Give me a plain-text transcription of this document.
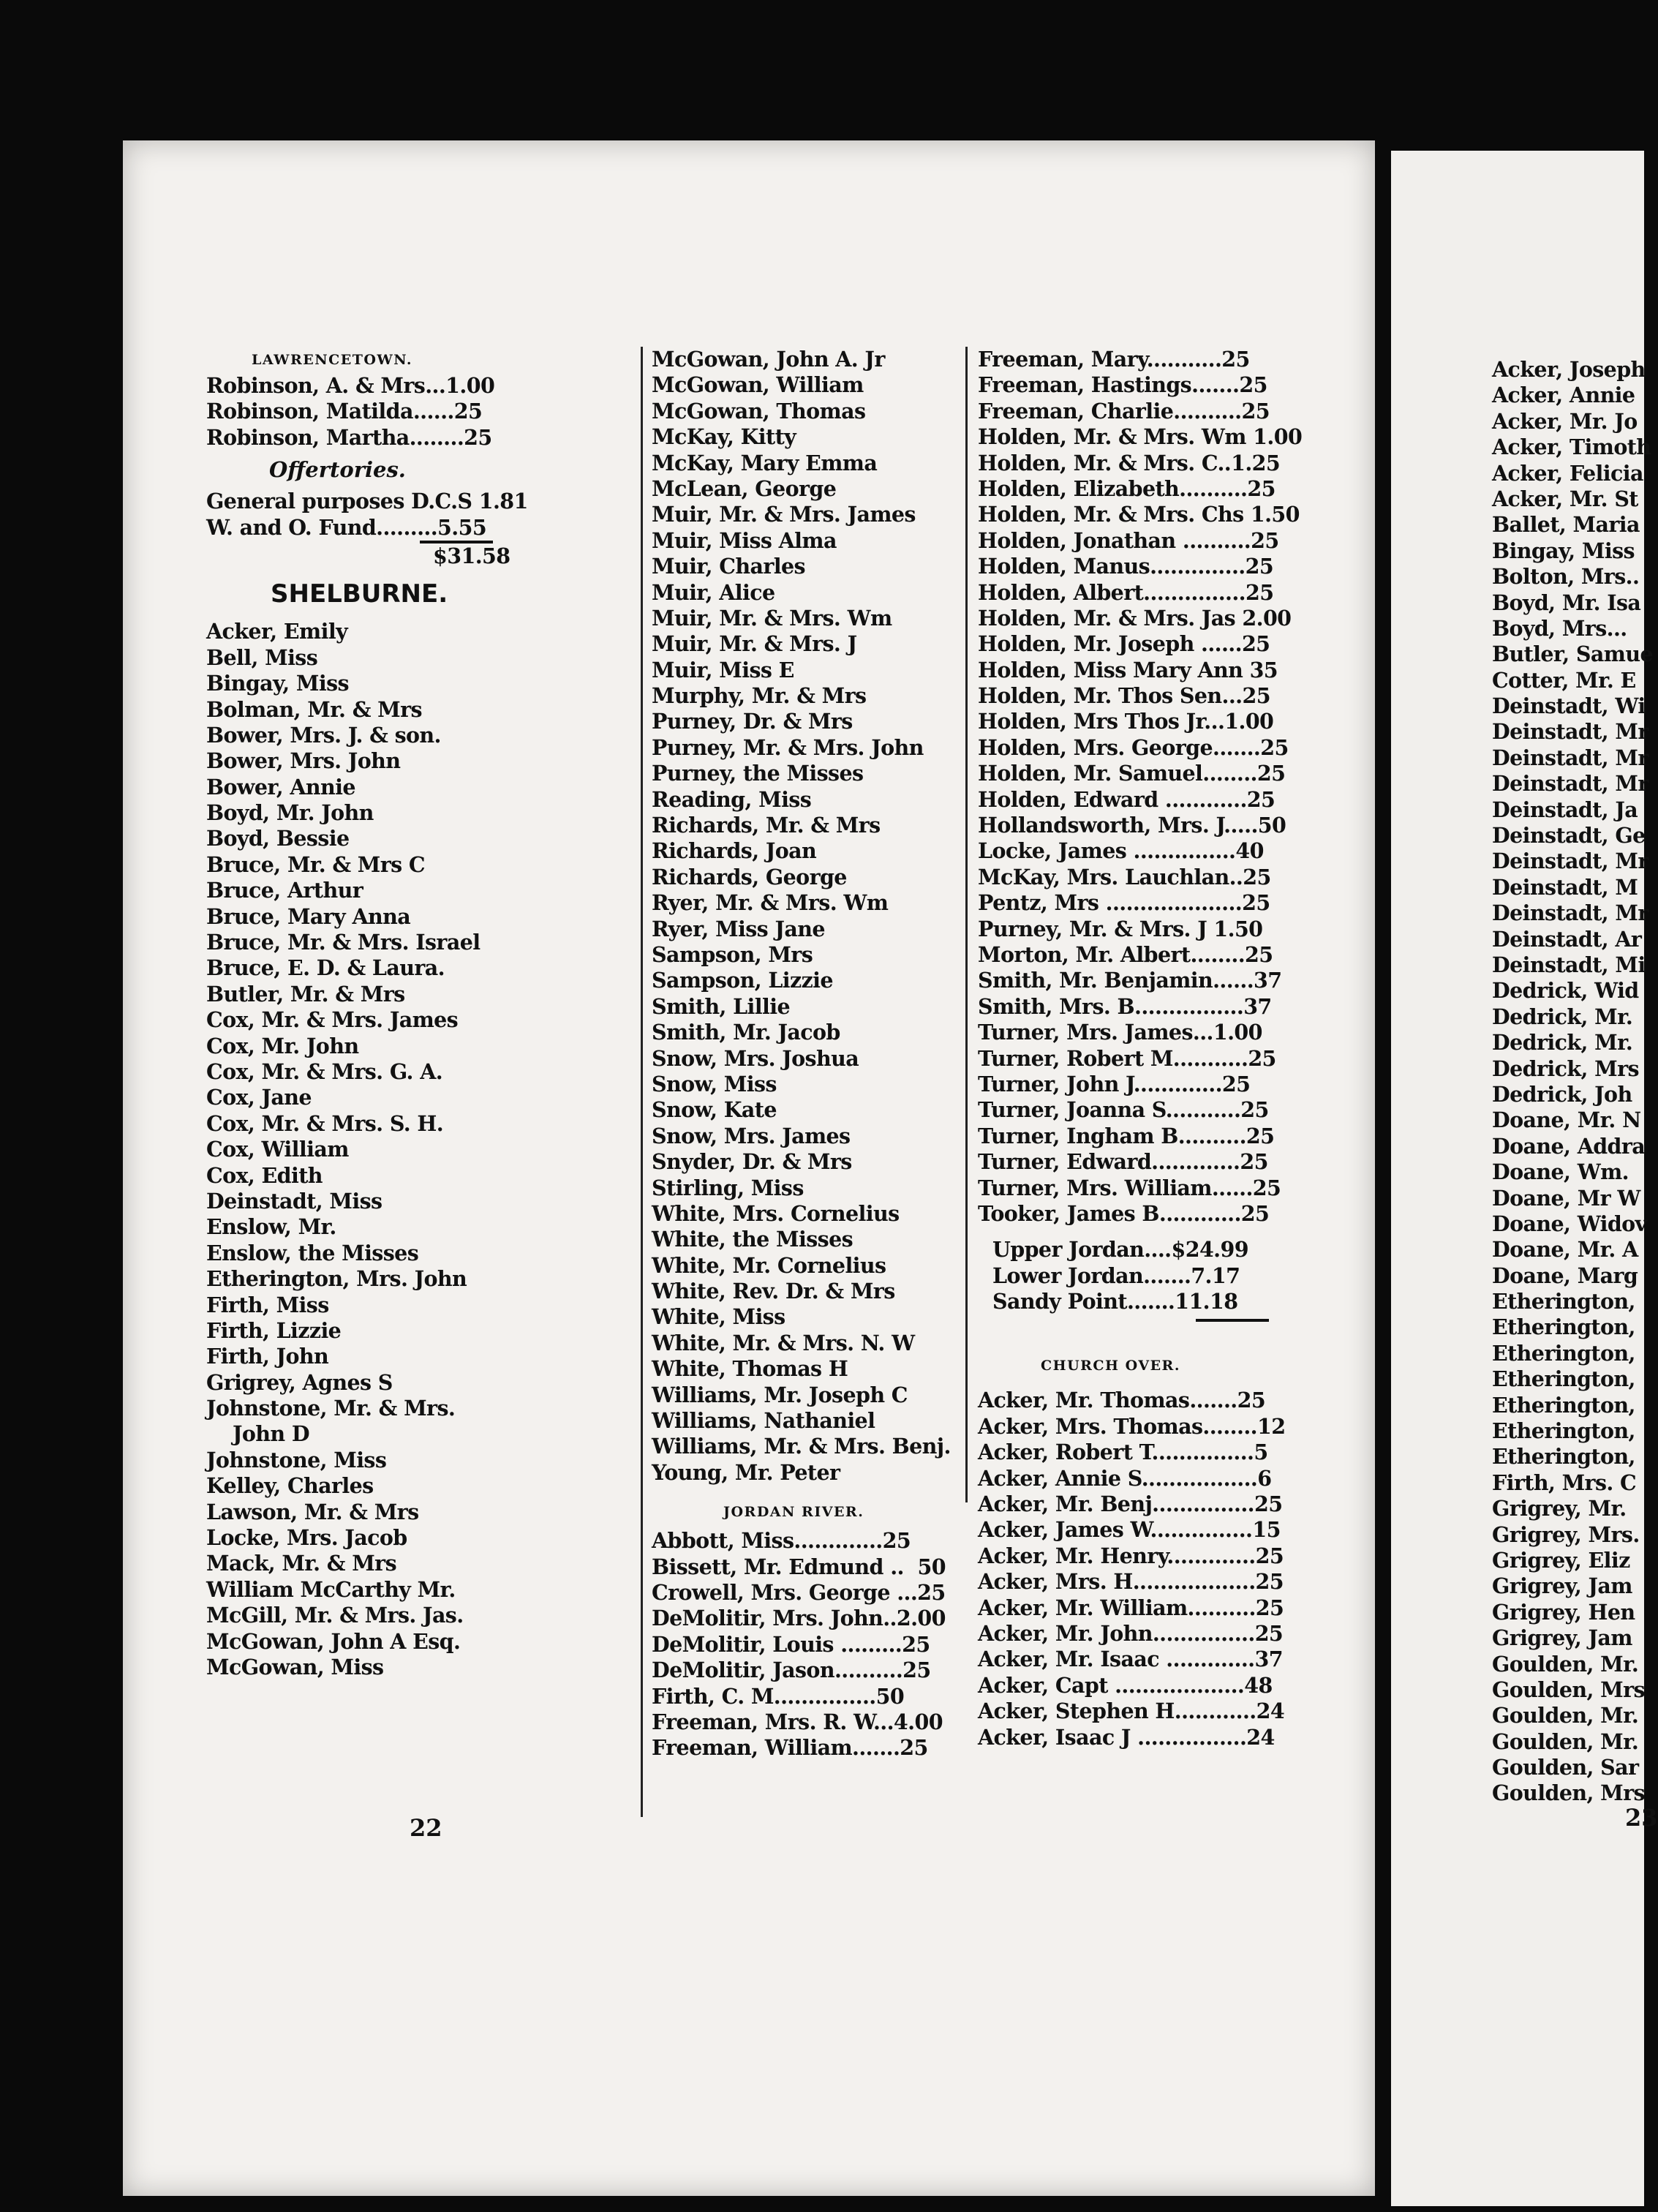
LAWRENCETOWN.
Robinson, A. & Mrs...1.00
Robinson, Matilda......25
Robinson, Martha........25
Offertories.
General purposes D.C.S 1.81
W. and O. Fund.........5.55
$31.58
SHELBURNE.
Acker, Emily
Bell, Miss
Bingay, Miss
Bolman, Mr. & Mrs
Bower, Mrs. J. & son.
Bower, Mrs. John
Bower, Annie
Boyd, Mr. John
Boyd, Bessie
Bruce, Mr. & Mrs C
Bruce, Arthur
Bruce, Mary Anna
Bruce, Mr. & Mrs. Israel
Bruce, E. D. & Laura.
Butler, Mr. & Mrs
Cox, Mr. & Mrs. James
Cox, Mr. John
Cox, Mr. & Mrs. G. A.
Cox, Jane
Cox, Mr. & Mrs. S. H.
Cox, William
Cox, Edith
Deinstadt, Miss
Enslow, Mr.
Enslow, the Misses
Etherington, Mrs. John
Firth, Miss
Firth, Lizzie
Firth, John
Grigrey, Agnes S
Johnstone, Mr. & Mrs.
John D
Johnstone, Miss
Kelley, Charles
Lawson, Mr. & Mrs
Locke, Mrs. Jacob
Mack, Mr. & Mrs
William McCarthy Mr.
McGill, Mr. & Mrs. Jas.
McGowan, John A Esq.
McGowan, Miss
McGowan, John A. Jr
McGowan, William
McGowan, Thomas
McKay, Kitty
McKay, Mary Emma
McLean, George
Muir, Mr. & Mrs. James
Muir, Miss Alma
Muir, Charles
Muir, Alice
Muir, Mr. & Mrs. Wm
Muir, Mr. & Mrs. J
Muir, Miss E
Murphy, Mr. & Mrs
Purney, Dr. & Mrs
Purney, Mr. & Mrs. John
Purney, the Misses
Reading, Miss
Richards, Mr. & Mrs
Richards, Joan
Richards, George
Ryer, Mr. & Mrs. Wm
Ryer, Miss Jane
Sampson, Mrs
Sampson, Lizzie
Smith, Lillie
Smith, Mr. Jacob
Snow, Mrs. Joshua
Snow, Miss
Snow, Kate
Snow, Mrs. James
Snyder, Dr. & Mrs
Stirling, Miss
White, Mrs. Cornelius
White, the Misses
White, Mr. Cornelius
White, Rev. Dr. & Mrs
White, Miss
White, Mr. & Mrs. N. W
White, Thomas H
Williams, Mr. Joseph C
Williams, Nathaniel
Williams, Mr. & Mrs. Benj.
Young, Mr. Peter
JORDAN RIVER.
Abbott, Miss.............25
Bissett, Mr. Edmund ..  50
Crowell, Mrs. George ...25
DeMolitir, Mrs. John..2.00
DeMolitir, Louis .........25
DeMolitir, Jason..........25
Firth, C. M...............50
Freeman, Mrs. R. W...4.00
Freeman, William.......25
Freeman, Mary...........25
Freeman, Hastings.......25
Freeman, Charlie..........25
Holden, Mr. & Mrs. Wm 1.00
Holden, Mr. & Mrs. C..1.25
Holden, Elizabeth..........25
Holden, Mr. & Mrs. Chs 1.50
Holden, Jonathan ..........25
Holden, Manus..............25
Holden, Albert...............25
Holden, Mr. & Mrs. Jas 2.00
Holden, Mr. Joseph ......25
Holden, Miss Mary Ann 35
Holden, Mr. Thos Sen...25
Holden, Mrs Thos Jr...1.00
Holden, Mrs. George.......25
Holden, Mr. Samuel........25
Holden, Edward ............25
Hollandsworth, Mrs. J.....50
Locke, James ...............40
McKay, Mrs. Lauchlan..25
Pentz, Mrs ....................25
Purney, Mr. & Mrs. J 1.50
Morton, Mr. Albert........25
Smith, Mr. Benjamin......37
Smith, Mrs. B................37
Turner, Mrs. James...1.00
Turner, Robert M...........25
Turner, John J.............25
Turner, Joanna S...........25
Turner, Ingham B..........25
Turner, Edward.............25
Turner, Mrs. William......25
Tooker, James B............25
Upper Jordan....$24.99
Lower Jordan.......7.17
Sandy Point.......11.18
CHURCH OVER.
Acker, Mr. Thomas.......25
Acker, Mrs. Thomas........12
Acker, Robert T...............5
Acker, Annie S.................6
Acker, Mr. Benj...............25
Acker, James W...............15
Acker, Mr. Henry.............25
Acker, Mrs. H..................25
Acker, Mr. William..........25
Acker, Mr. John...............25
Acker, Mr. Isaac .............37
Acker, Capt ...................48
Acker, Stephen H............24
Acker, Isaac J ................24
Acker, Joseph
Acker, Annie
Acker, Mr. Jo
Acker, Timoth
Acker, Felicia
Acker, Mr. St
Ballet, Maria
Bingay, Miss
Bolton, Mrs..
Boyd, Mr. Isa
Boyd, Mrs...
Butler, Samue
Cotter, Mr. E
Deinstadt, Wi
Deinstadt, Mr
Deinstadt, Mr
Deinstadt, Mr
Deinstadt, Ja
Deinstadt, Ge
Deinstadt, Mr
Deinstadt, M
Deinstadt, Mr
Deinstadt, Ar
Deinstadt, Mi
Dedrick, Wid
Dedrick, Mr.
Dedrick, Mr.
Dedrick, Mrs
Dedrick, Joh
Doane, Mr. N
Doane, Addra
Doane, Wm.
Doane, Mr W
Doane, Widov
Doane, Mr. A
Doane, Marg
Etherington,
Etherington,
Etherington,
Etherington,
Etherington,
Etherington,
Etherington,
Firth, Mrs. C
Grigrey, Mr.
Grigrey, Mrs.
Grigrey, Eliz
Grigrey, Jam
Grigrey, Hen
Grigrey, Jam
Goulden, Mr.
Goulden, Mrs
Goulden, Mr.
Goulden, Mr.
Goulden, Sar
Goulden, Mrs
22	23
